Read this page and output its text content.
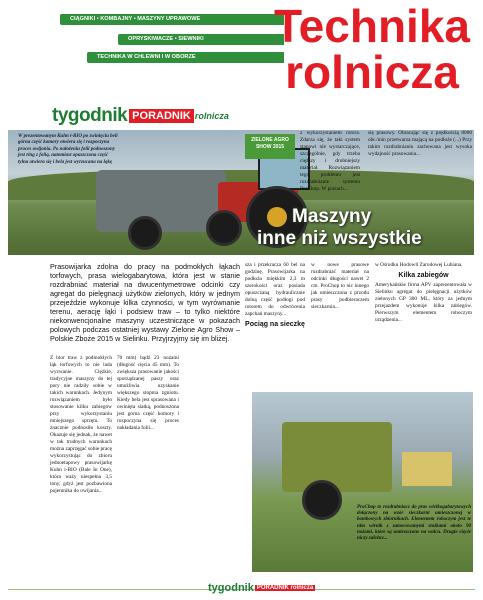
CIĄGNIKI • KOMBAJNY • MASZYNY UPRAWOWE
OPRYSKIWACZE • SIEWNIKI
TECHNIKA W CHLEWNI I W OBORZE
Technika
rolnicza
tygodnik PORADNIK rolnicza
W prezentowanym Kuhn i-BIO po zwinięciu beli górna część komory otwiera się i rozpoczyna proces owijania. Po nałożeniu folii podnoszony jest ring z folią, natomiast opuszczona część tylna otwiera się i bela jest wyrzucana na łąkę
ZIELONE AGRO SHOW 2015
z wykorzystaniem rotora. Zdarza się, że taki system stanowi nie wystarczające, szczególnie, gdy trzeba cięższy i drobniejszy materiał. Rozwiązaniem tego problemu jest rozdrabnianie systemu ProChop. W prasach...
się prasowy. Obracając się z prędkością 8000 obr./min przetwarza mającą na podłoże (...) Przy takim rozdrabnianiu zachowana jest wysoka wydajność prasowania...
Maszyny
inne niż wszystkie
Prasowijarka zdolna do pracy na podmokłych łąkach torfowych, prasa wielogabarytowa, która jest w stanie rozdrabniać materiał na dwucentymetrowe odcinki czy agregat do pielęgnacji użytków zielonych, który w jednym przejeździe wykonuje kilka czynności, w tym wyrównanie terenu, aerację łąki i podsiew traw – to tylko niektóre niekonwencjonalne maszyny uczestniczące w pokazach polowych podczas ostatniej wystawy Zielone Agro Show – Polskie Zboże 2015 w Sielinku. Przyjrzyjmy się im bliżej.
Z bior traw z podmokłych łąk torfowych to nie lada wyzwanie. Ciężkie, tradycyjne maszyny do tej pory nie radziły sobie w takich warunkach. Jedynym rozwiązaniem było stosowanie kilku zabiegów przy wykorzystaniu mniejszego sprzętu. To znacznie podnosiło koszty. Okazuje się jednak, że nawet w tak trudnych warunkach można zaprzęgać sobie pracę wykorzystując do zbioru jednoetapowy prasowijarkę Kuhn i-BIO (Bale In One), która waży niespełna 3,5 tony, gdyż jest pozbawiona pojemnika do owijania...
70 mm) bądź 23 nożami (długość cięcia 45 mm). To zwiększa prasowanie jakości sporządzanej paszy oraz umożliwia uzyskanie większego stopnia zgniotu. Kiedy bela jest sprasowana i owinięta siatką, podnoszona jest górna część komory i rozpoczyna się proces nakładania folii...

sza i przekracza 60 bel na godzinę. Prasowijarka na podłożu miękkim 2,3 m szerokości oraz posiada opuszczaną hydraulicznie dolną część podłogi pod rotorem do odwrócenia zapchań maszyny...

Pociąg na sieczkę
w nowe prasowe rozdrabniać materiał na odcinki długości nawet 2 cm. ProChop to nic innego jak umieszczona z przodu prasy podbieraczem sieczkarnia...

w Ośrodku Hodowli Zarodowej Lubiana.

Kilka zabiegów

Amerykańskie firma APV zaprezentowała w Sielinku agregat do pielęgnacji użytków zielonych GP 300 ML, który za jednym przejazdem wykonuje kilka zabiegów. Pierwszym elementem roboczym urządzenia...

ProChop to rozdrabniacz do pras wielkogabarytowych dołączony na wzór sieczkarni umieszczonej w bombowych zbiornikach. Elementem roboczym jest te nim wirnik z zamocowanymi stożkami około 90 nożami, które są umieszczone na walcu. Drugie cięcie niczy zależne...
tygodnik PORADNIK rolnicza
